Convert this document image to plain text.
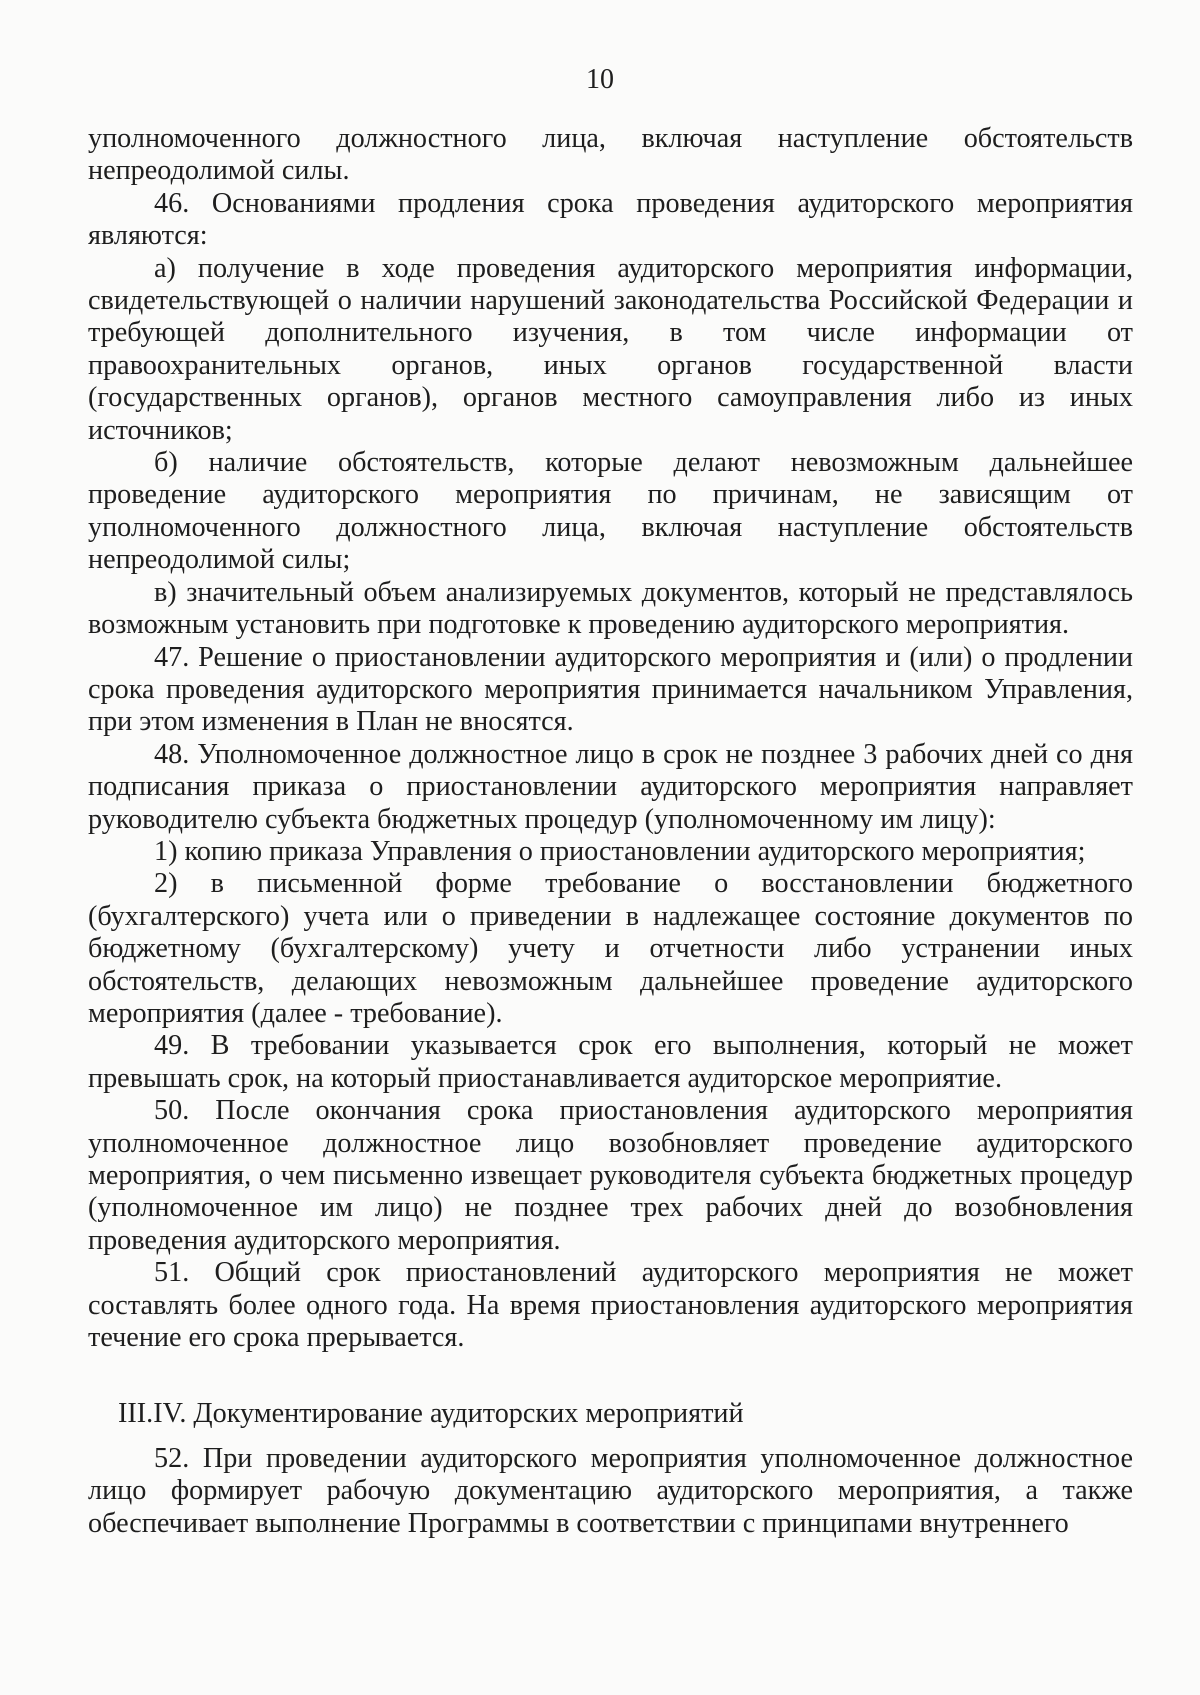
10

уполномоченного должностного лица, включая наступление обстоятельств непреодолимой силы.

46. Основаниями продления срока проведения аудиторского мероприятия являются:

а) получение в ходе проведения аудиторского мероприятия информации, свидетельствующей о наличии нарушений законодательства Российской Федерации и требующей дополнительного изучения, в том числе информации от правоохранительных органов, иных органов государственной власти (государственных органов), органов местного самоуправления либо из иных источников;

б) наличие обстоятельств, которые делают невозможным дальнейшее проведение аудиторского мероприятия по причинам, не зависящим от уполномоченного должностного лица, включая наступление обстоятельств непреодолимой силы;

в) значительный объем анализируемых документов, который не представлялось возможным установить при подготовке к проведению аудиторского мероприятия.

47. Решение о приостановлении аудиторского мероприятия и (или) о продлении срока проведения аудиторского мероприятия принимается начальником Управления, при этом изменения в План не вносятся.

48. Уполномоченное должностное лицо в срок не позднее 3 рабочих дней со дня подписания приказа о приостановлении аудиторского мероприятия направляет руководителю субъекта бюджетных процедур (уполномоченному им лицу):

1) копию приказа Управления о приостановлении аудиторского мероприятия;

2) в письменной форме требование о восстановлении бюджетного (бухгалтерского) учета или о приведении в надлежащее состояние документов по бюджетному (бухгалтерскому) учету и отчетности либо устранении иных обстоятельств, делающих невозможным дальнейшее проведение аудиторского мероприятия (далее - требование).

49. В требовании указывается срок его выполнения, который не может превышать срок, на который приостанавливается аудиторское мероприятие.

50. После окончания срока приостановления аудиторского мероприятия уполномоченное должностное лицо возобновляет проведение аудиторского мероприятия, о чем письменно извещает руководителя субъекта бюджетных процедур (уполномоченное им лицо) не позднее трех рабочих дней до возобновления проведения аудиторского мероприятия.

51. Общий срок приостановлений аудиторского мероприятия не может составлять более одного года. На время приостановления аудиторского мероприятия течение его срока прерывается.

III.IV. Документирование аудиторских мероприятий

52. При проведении аудиторского мероприятия уполномоченное должностное лицо формирует рабочую документацию аудиторского мероприятия, а также обеспечивает выполнение Программы в соответствии с принципами внутреннего
